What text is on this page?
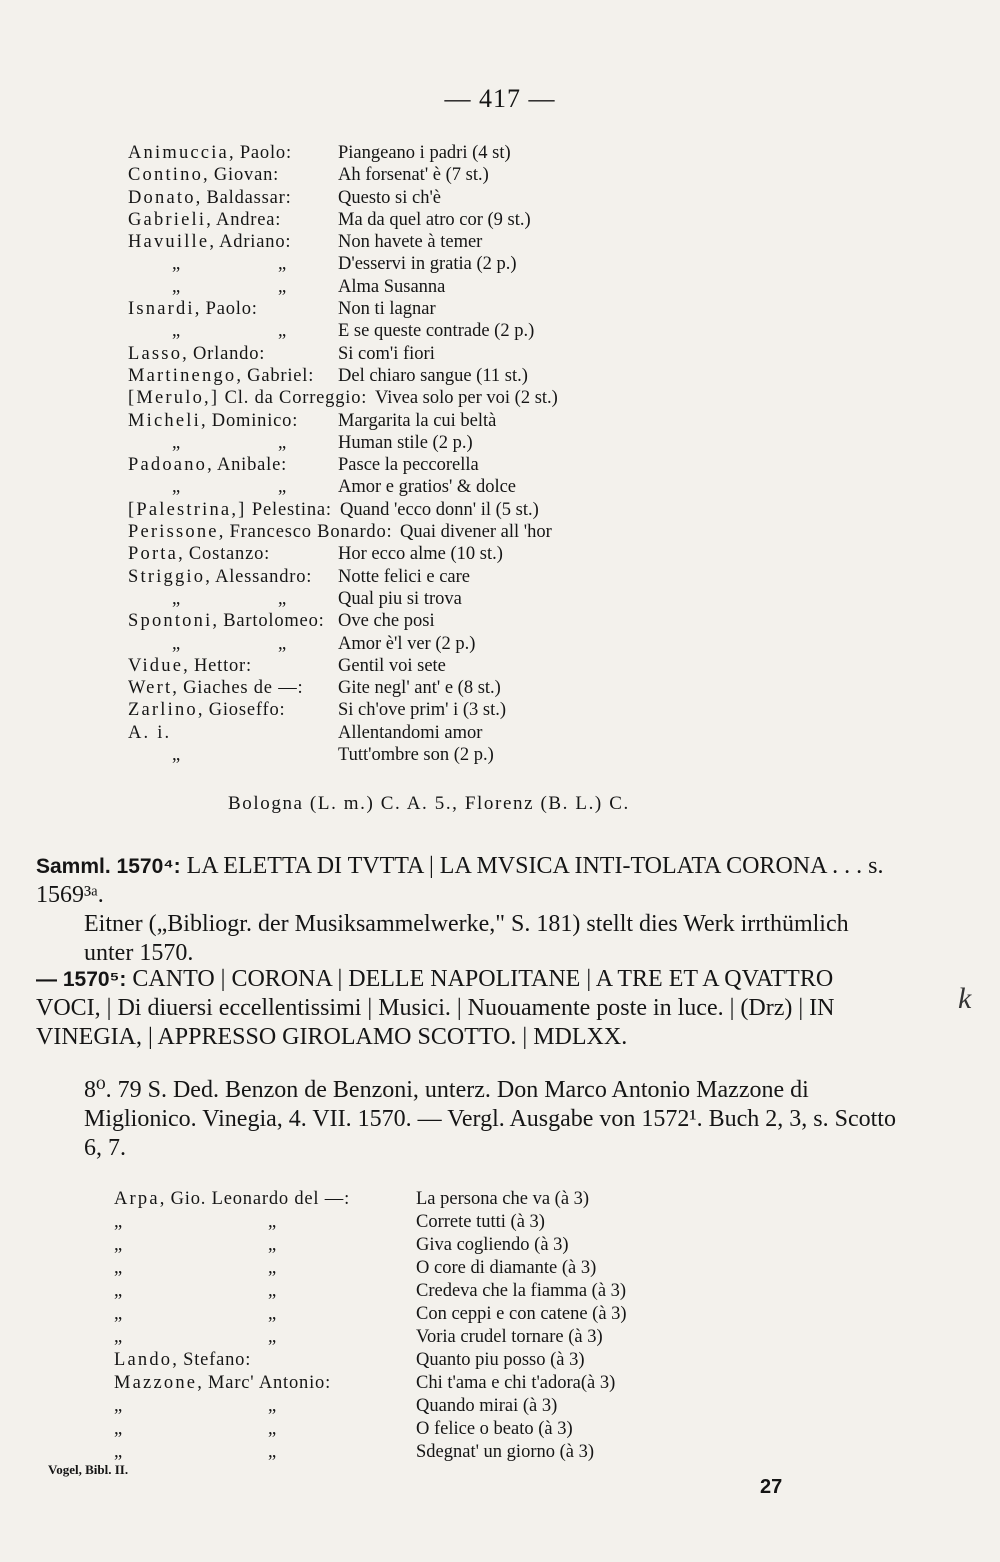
— 417 —
Animuccia, Paolo: Piangeano i padri (4 st)
Contino, Giovan:	Ah forsenat' è (7 st.)
Donato, Baldassar:	Questo si ch'è
Gabrieli, Andrea:	Ma da quel atro cor (9 st.)
Havuille, Adriano:	Non havete à temer
„	„	D'esservi in gratia (2 p.)
„	„	Alma Susanna
Isnardi, Paolo:	Non ti lagnar
„	„	E se queste contrade (2 p.)
Lasso, Orlando:	Si com'i fiori
Martinengo, Gabriel: Del chiaro sangue (11 st.)
[Merulo,] Cl. da Correggio: Vivea solo per voi (2 st.)
Micheli, Dominico: Margarita la cui beltà
„	„	Human stile (2 p.)
Padoano, Anibale:	Pasce la peccorella
„	„	Amor e gratios' & dolce
[Palestrina,] Pelestina: Quand 'ecco donn' il (5 st.)
Perissone, Francesco Bonardo: Quai divener all 'hor
Porta, Costanzo:	Hor ecco alme (10 st.)
Striggio, Alessandro: Notte felici e care
„	„	Qual piu si trova
Spontoni, Bartolomeo: Ove che posi
„	„	Amor è'l ver (2 p.)
Vidue, Hettor:	Gentil voi sete
Wert, Giaches de —: Gite negl' ant' e (8 st.)
Zarlino, Gioseffo:	Si ch'ove prim' i (3 st.)
A. i.	Allentandomi amor
„	Tutt'ombre son (2 p.)
Bologna (L. m.) C. A. 5., Florenz (B. L.) C.

Samml. 1570⁴: LA ELETTA DI TVTTA | LA MVSICA INTI-TOLATA CORONA . . . s. 1569³ᵃ.

Eitner („Bibliogr. der Musiksammelwerke," S. 181) stellt dies Werk irrthümlich unter 1570.

— 1570⁵: CANTO | CORONA | DELLE NAPOLITANE | A TRE ET A QVATTRO VOCI, | Di diuersi eccellentissimi | Musici. | Nuouamente poste in luce. | (Drz) | IN VINEGIA, | APPRESSO GIROLAMO SCOTTO. | MDLXX.

8⁰. 79 S. Ded. Benzon de Benzoni, unterz. Don Marco Antonio Mazzone di Miglionico. Vinegia, 4. VII. 1570. — Vergl. Ausgabe von 1572¹. Buch 2, 3, s. Scotto 6, 7.

Arpa, Gio. Leonardo del —:	La persona che va (à 3)
„	„	Correte tutti (à 3)
„	„	Giva cogliendo (à 3)
„	„	O core di diamante (à 3)
„	„	Credeva che la fiamma (à 3)
„	„	Con ceppi e con catene (à 3)
„	„	Voria crudel tornare (à 3)
Lando, Stefano:	Quanto piu posso (à 3)
Mazzone, Marc' Antonio:	Chi t'ama e chi t'adora(à 3)
„	„	Quando mirai (à 3)
„	„	O felice o beato (à 3)
„	„	Sdegnat' un giorno (à 3)
Vogel, Bibl. II.
27
k
